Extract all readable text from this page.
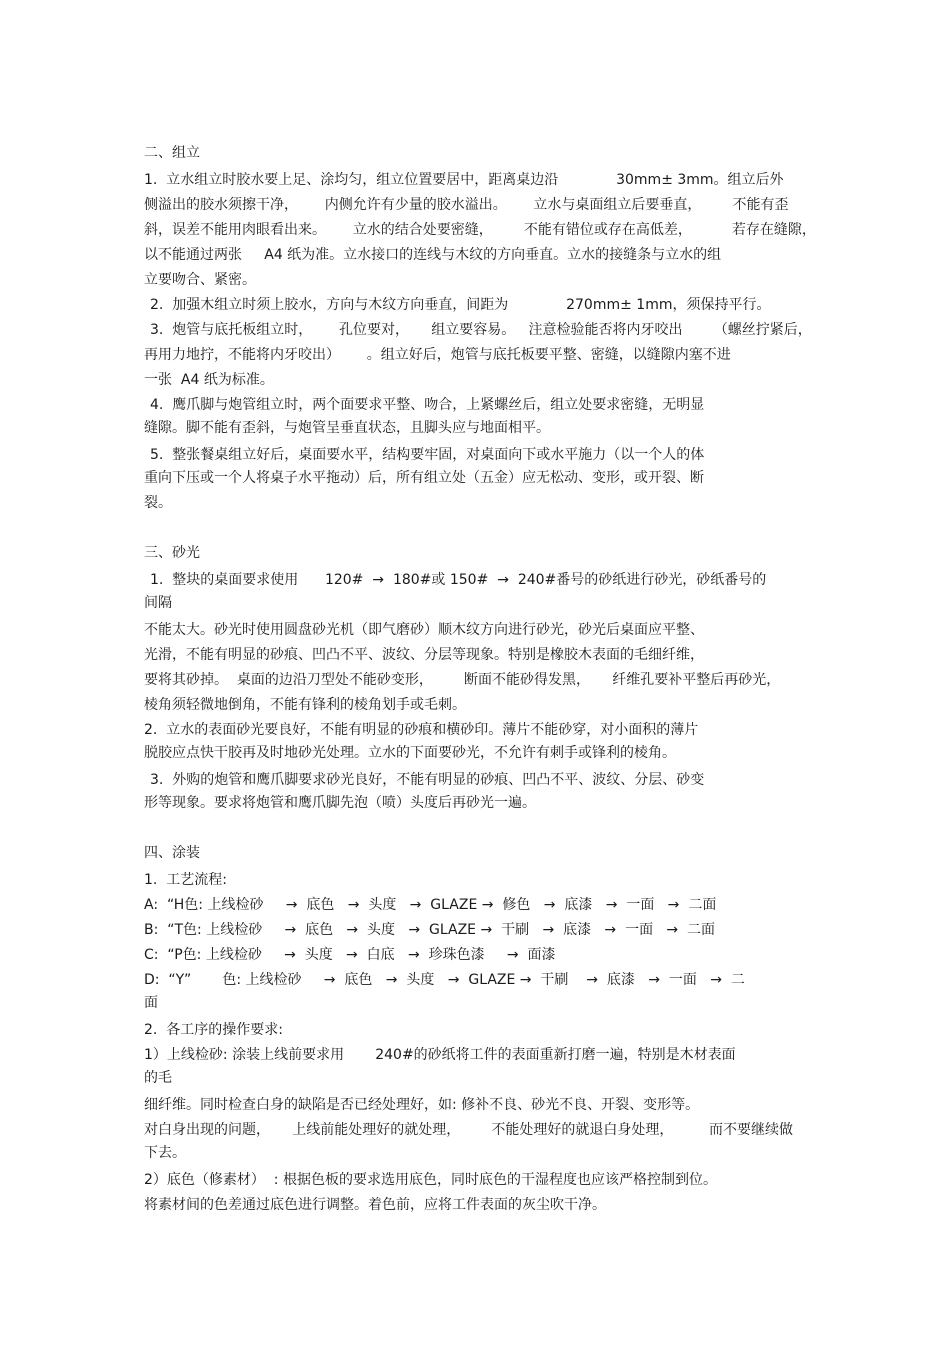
二、组立

1.  立水组立时胶水要上足、涂均匀，组立位置要居中，距离桌边沿             30mm± 3mm。组立后外

侧溢出的胶水须擦干净，      内侧允许有少量的胶水溢出。      立水与桌面组立后要垂直，       不能有歪

斜，误差不能用肉眼看出来。      立水的结合处要密缝，       不能有错位或存在高低差，         若存在缝隙，

以不能通过两张     A4 纸为准。立水接口的连线与木纹的方向垂直。立水的接缝条与立水的组

立要吻合、紧密。

2.  加强木组立时须上胶水，方向与木纹方向垂直，间距为             270mm± 1mm，须保持平行。

3.  炮管与底托板组立时，      孔位要对，     组立要容易。   注意检验能否将内牙咬出       （螺丝拧紧后，

再用力地拧，不能将内牙咬出）      。组立好后，炮管与底托板要平整、密缝，以缝隙内塞不进

一张  A4 纸为标准。

4.  鹰爪脚与炮管组立时，两个面要求平整、吻合，上紧螺丝后，组立处要求密缝，无明显

缝隙。脚不能有歪斜，与炮管呈垂直状态，且脚头应与地面相平。

5.  整张餐桌组立好后，桌面要水平，结构要牢固，对桌面向下或水平施力（以一个人的体

重向下压或一个人将桌子水平拖动）后，所有组立处（五金）应无松动、变形，或开裂、断

裂。

三、砂光

1.  整块的桌面要求使用      120#  →  180#或 150#  →  240#番号的砂纸进行砂光，砂纸番号的

间隔

不能太大。砂光时使用圆盘砂光机（即气磨砂）顺木纹方向进行砂光，砂光后桌面应平整、

光滑，不能有明显的砂痕、凹凸不平、波纹、分层等现象。特别是橡胶木表面的毛细纤维，

要将其砂掉。  桌面的边沿刀型处不能砂变形，       断面不能砂得发黑，     纤维孔要补平整后再砂光，

棱角须轻微地倒角，不能有锋利的棱角划手或毛刺。

2.  立水的表面砂光要良好，不能有明显的砂痕和横砂印。薄片不能砂穿，对小面积的薄片

脱胶应点快干胶再及时地砂光处理。立水的下面要砂光，不允许有刺手或锋利的棱角。

3.  外购的炮管和鹰爪脚要求砂光良好，不能有明显的砂痕、凹凸不平、波纹、分层、砂变

形等现象。要求将炮管和鹰爪脚先泡（喷）头度后再砂光一遍。

四、涂装

1.  工艺流程:

A:  “H色: 上线检砂     →  底色   →  头度   →  GLAZE →  修色   →  底漆   →  一面   →  二面

B:  “T色: 上线检砂     →  底色   →  头度   →  GLAZE →  干刷   →  底漆   →  一面   →  二面

C:  “P色: 上线检砂     →  头度   →  白底   →  珍珠色漆     →  面漆

D:  “Y”       色: 上线检砂     →  底色   →  头度   →  GLAZE →  干刷    →  底漆   →  一面   →  二

面

2.  各工序的操作要求:

1）上线检砂: 涂装上线前要求用       240#的砂纸将工件的表面重新打磨一遍，特别是木材表面

的毛

细纤维。同时检查白身的缺陷是否已经处理好，如: 修补不良、砂光不良、开裂、变形等。

对白身出现的问题，     上线前能处理好的就处理，       不能处理好的就退白身处理，        而不要继续做

下去。

2）底色（修素材）  : 根据色板的要求选用底色，同时底色的干湿程度也应该严格控制到位。

将素材间的色差通过底色进行调整。着色前，应将工件表面的灰尘吹干净。
